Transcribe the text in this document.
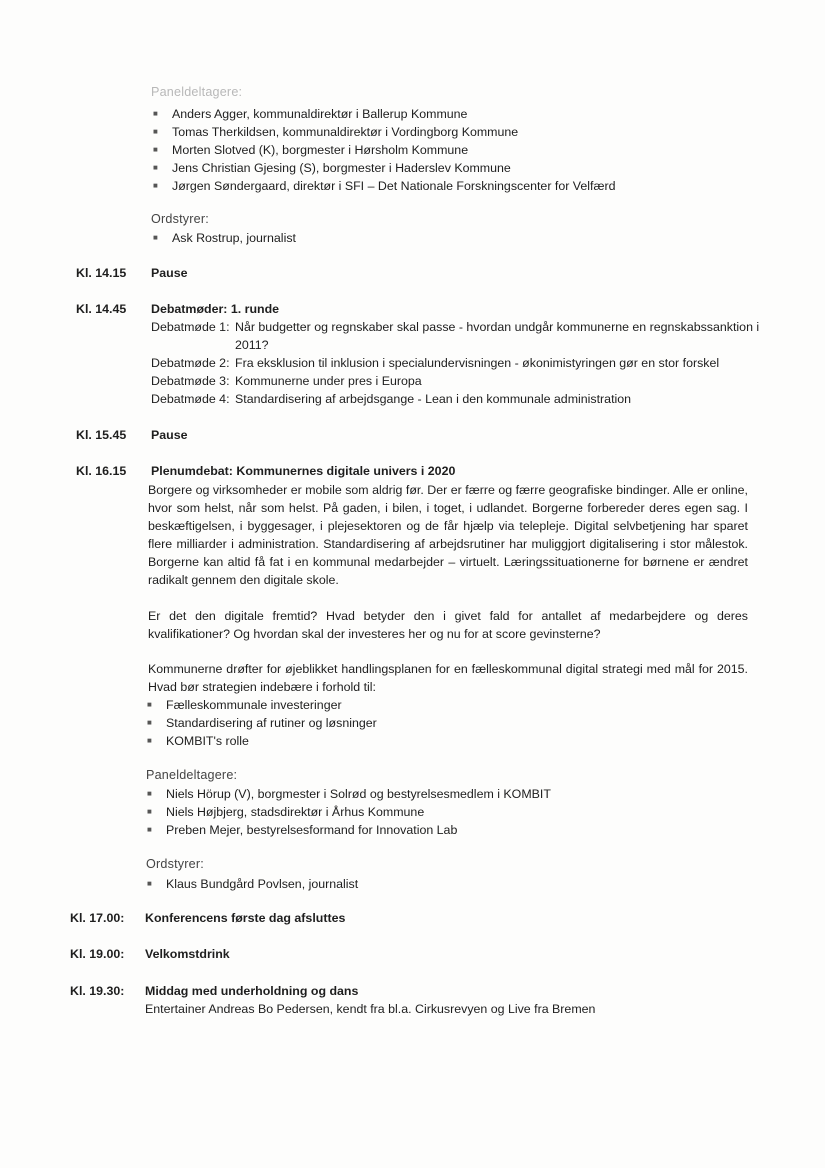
Paneldeltagere:
■ Anders Agger, kommunaldirektør i Ballerup Kommune
■ Tomas Therkildsen, kommunaldirektør i Vordingborg Kommune
■ Morten Slotved (K), borgmester i Hørsholm Kommune
■ Jens Christian Gjesing (S), borgmester i Haderslev Kommune
■ Jørgen Søndergaard, direktør i SFI – Det Nationale Forskningscenter for Velfærd
Ordstyrer:
■ Ask Rostrup, journalist
Kl. 14.15 Pause
Kl. 14.45 Debatmøder: 1. runde
Debatmøde 1: Når budgetter og regnskaber skal passe - hvordan undgår kommunerne en regnskabssanktion i
2011?
Debatmøde 2: Fra eksklusion til inklusion i specialundervisningen - økonimistyringen gør en stor forskel
Debatmøde 3: Kommunerne under pres i Europa
Debatmøde 4: Standardisering af arbejdsgange - Lean i den kommunale administration
Kl. 15.45 Pause
Kl. 16.15 Plenumdebat: Kommunernes digitale univers i 2020
Borgere og virksomheder er mobile som aldrig før. Der er færre og færre geografiske bindinger. Alle er online, hvor som helst, når som helst. På gaden, i bilen, i toget, i udlandet. Borgerne forbereder deres egen sag. I beskæftigelsen, i byggesager, i plejesektoren og de får hjælp via telepleje. Digital selvbetjening har sparet flere milliarder i administration. Standardisering af arbejdsrutiner har muliggjort digitalisering i stor målestok. Borgerne kan altid få fat i en kommunal medarbejder – virtuelt. Læringssituationerne for børnene er ændret radikalt gennem den digitale skole.
Er det den digitale fremtid? Hvad betyder den i givet fald for antallet af medarbejdere og deres kvalifikationer? Og hvordan skal der investeres her og nu for at score gevinsterne?
Kommunerne drøfter for øjeblikket handlingsplanen for en fælleskommunal digital strategi med mål for 2015. Hvad bør strategien indebære i forhold til:
■ Fælleskommunale investeringer
■ Standardisering af rutiner og løsninger
■ KOMBIT's rolle
Paneldeltagere:
■ Niels Hörup (V), borgmester i Solrød og bestyrelsesmedlem i KOMBIT
■ Niels Højbjerg, stadsdirektør i Århus Kommune
■ Preben Mejer, bestyrelsesformand for Innovation Lab
Ordstyrer:
■ Klaus Bundgård Povlsen, journalist
Kl. 17.00: Konferencens første dag afsluttes
Kl. 19.00: Velkomstdrink
Kl. 19.30: Middag med underholdning og dans
Entertainer Andreas Bo Pedersen, kendt fra bl.a. Cirkusrevyen og Live fra Bremen
